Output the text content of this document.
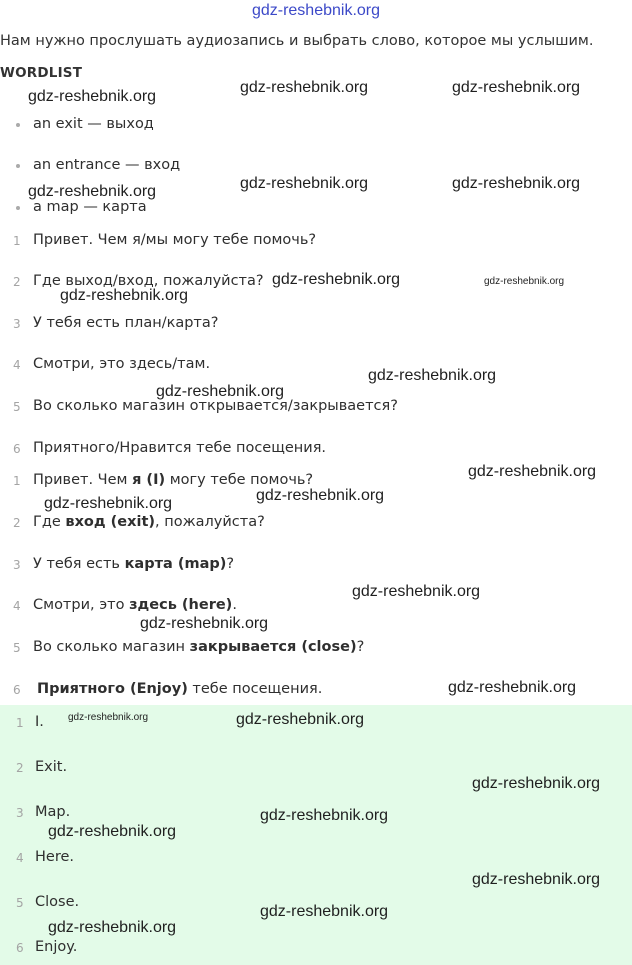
gdz-reshebnik.org
Нам нужно прослушать аудиозапись и выбрать слово, которое мы услышим.
WORDLIST
an exit — выход
an entrance — вход
a map — карта
1 Привет. Чем я/мы могу тебе помочь?
2 Где выход/вход, пожалуйста?
3 У тебя есть план/карта?
4 Смотри, это здесь/там.
5 Во сколько магазин открывается/закрывается?
6 Приятного/Нравится тебе посещения.
1 Привет. Чем я (I) могу тебе помочь?
2 Где вход (exit), пожалуйста?
3 У тебя есть карта (map)?
4 Смотри, это здесь (here).
5 Во сколько магазин закрывается (close)?
6	Приятного (Enjoy) тебе посещения.
1 I.
2 Exit.
3 Map.
4 Here.
5 Close.
6 Enjoy.
gdz-reshebnik.org
gdz-reshebnik.org	gdz-reshebnik.org
gdz-reshebnik.org	gdz-reshebnik.org	gdz-reshebnik.org
gdz-reshebnik.org	gdz-reshebnik.org
gdz-reshebnik.org
gdz-reshebnik.org
gdz-reshebnik.org
gdz-reshebnik.org
gdz-reshebnik.org
gdz-reshebnik.org
gdz-reshebnik.org
gdz-reshebnik.org
gdz-reshebnik.org
gdz-reshebnik.org	gdz-reshebnik.org
gdz-reshebnik.org
gdz-reshebnik.org
gdz-reshebnik.org
gdz-reshebnik.org
gdz-reshebnik.org
gdz-reshebnik.org
